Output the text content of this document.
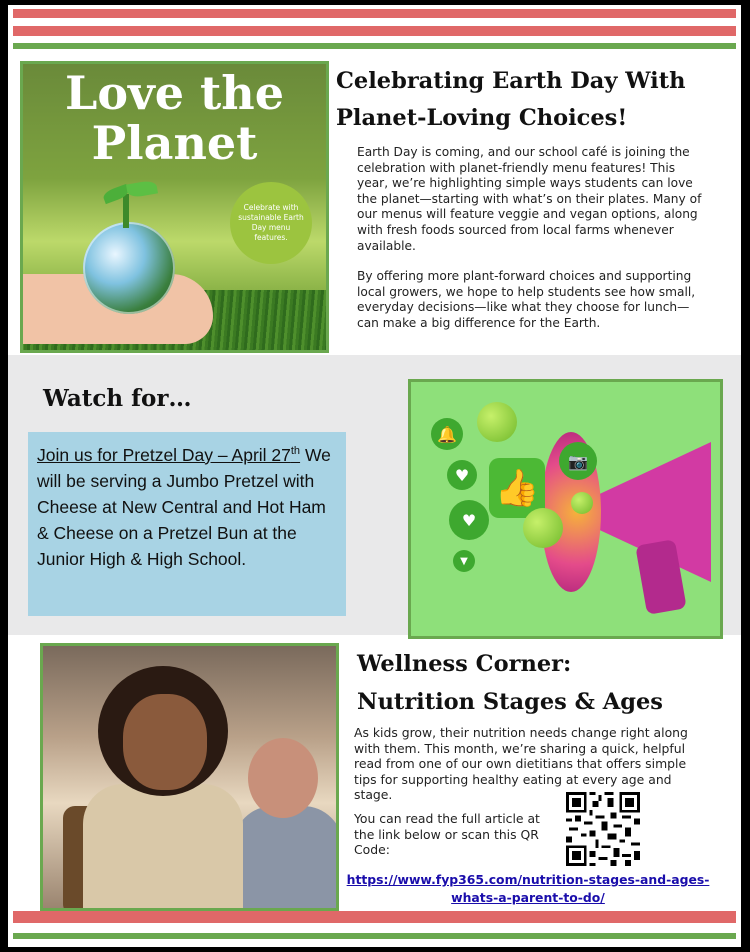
Love the
Planet
Celebrate with sustainable Earth Day menu features.
Celebrating Earth Day With Planet-Loving Choices!

Earth Day is coming, and our school café is joining the celebration with planet-friendly menu features! This year, we’re highlighting simple ways students can love the planet—starting with what’s on their plates. Many of our menus will feature veggie and vegan options, along with fresh foods sourced from local farms whenever available.

By offering more plant-forward choices and supporting local growers, we hope to help students see how small, everyday decisions—like what they choose for lunch—can make a big difference for the Earth.

Watch for…
Join us for Pretzel Day – April 27th We will be serving a Jumbo Pretzel with Cheese at New Central and Hot Ham & Cheese on a Pretzel Bun at the Junior High & High School.
👍
🔔
♥
♥
▼
📷
Wellness Corner:
Nutrition Stages & Ages
As kids grow, their nutrition needs change right along with them. This month, we’re sharing a quick, helpful read from one of our own dietitians that offers simple tips for supporting healthy eating at every age and stage.
You can read the full article at the link below or scan this QR Code:
https://www.fyp365.com/nutrition-stages-and-ages-
whats-a-parent-to-do/
